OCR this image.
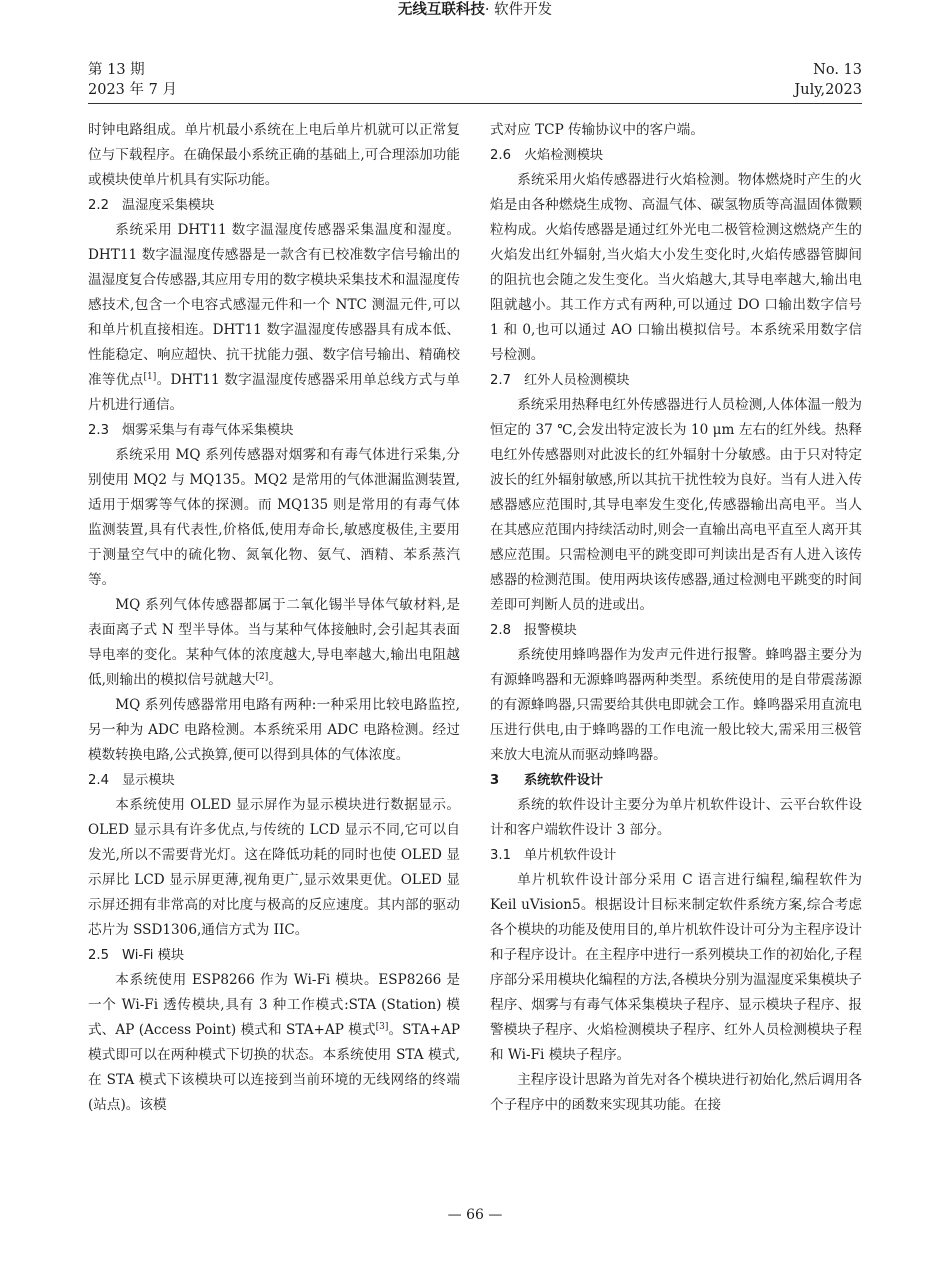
第 13 期
2023 年 7 月
无线互联科技· 软件开发
No. 13
July,2023

时钟电路组成。单片机最小系统在上电后单片机就可以正常复位与下载程序。在确保最小系统正确的基础上,可合理添加功能或模块使单片机具有实际功能。

2.2 温湿度采集模块

系统采用 DHT11 数字温湿度传感器采集温度和湿度。DHT11 数字温湿度传感器是一款含有已校准数字信号输出的温湿度复合传感器,其应用专用的数字模块采集技术和温湿度传感技术,包含一个电容式感湿元件和一个 NTC 测温元件,可以和单片机直接相连。DHT11 数字温湿度传感器具有成本低、性能稳定、响应超快、抗干扰能力强、数字信号输出、精确校准等优点[1]。DHT11 数字温湿度传感器采用单总线方式与单片机进行通信。

2.3 烟雾采集与有毒气体采集模块

系统采用 MQ 系列传感器对烟雾和有毒气体进行采集,分别使用 MQ2 与 MQ135。MQ2 是常用的气体泄漏监测装置,适用于烟雾等气体的探测。而 MQ135 则是常用的有毒气体监测装置,具有代表性,价格低,使用寿命长,敏感度极佳,主要用于测量空气中的硫化物、氮氧化物、氨气、酒精、苯系蒸汽等。

MQ 系列气体传感器都属于二氧化锡半导体气敏材料,是表面离子式 N 型半导体。当与某种气体接触时,会引起其表面导电率的变化。某种气体的浓度越大,导电率越大,输出电阻越低,则输出的模拟信号就越大[2]。

MQ 系列传感器常用电路有两种:一种采用比较电路监控,另一种为 ADC 电路检测。本系统采用 ADC 电路检测。经过模数转换电路,公式换算,便可以得到具体的气体浓度。

2.4 显示模块

本系统使用 OLED 显示屏作为显示模块进行数据显示。OLED 显示具有许多优点,与传统的 LCD 显示不同,它可以自发光,所以不需要背光灯。这在降低功耗的同时也使 OLED 显示屏比 LCD 显示屏更薄,视角更广,显示效果更优。OLED 显示屏还拥有非常高的对比度与极高的反应速度。其内部的驱动芯片为 SSD1306,通信方式为 IIC。

2.5 Wi-Fi 模块

本系统使用 ESP8266 作为 Wi-Fi 模块。ESP8266 是一个 Wi-Fi 透传模块,具有 3 种工作模式:STA (Station) 模式、AP (Access Point) 模式和 STA+AP 模式[3]。STA+AP 模式即可以在两种模式下切换的状态。本系统使用 STA 模式,在 STA 模式下该模块可以连接到当前环境的无线网络的终端(站点)。该模

式对应 TCP 传输协议中的客户端。

2.6 火焰检测模块

系统采用火焰传感器进行火焰检测。物体燃烧时产生的火焰是由各种燃烧生成物、高温气体、碳氢物质等高温固体微颗粒构成。火焰传感器是通过红外光电二极管检测这燃烧产生的火焰发出红外辐射,当火焰大小发生变化时,火焰传感器管脚间的阻抗也会随之发生变化。当火焰越大,其导电率越大,输出电阻就越小。其工作方式有两种,可以通过 DO 口输出数字信号 1 和 0,也可以通过 AO 口输出模拟信号。本系统采用数字信号检测。

2.7 红外人员检测模块

系统采用热释电红外传感器进行人员检测,人体体温一般为恒定的 37 ℃,会发出特定波长为 10 μm 左右的红外线。热释电红外传感器则对此波长的红外辐射十分敏感。由于只对特定波长的红外辐射敏感,所以其抗干扰性较为良好。当有人进入传感器感应范围时,其导电率发生变化,传感器输出高电平。当人在其感应范围内持续活动时,则会一直输出高电平直至人离开其感应范围。只需检测电平的跳变即可判读出是否有人进入该传感器的检测范围。使用两块该传感器,通过检测电平跳变的时间差即可判断人员的进或出。

2.8 报警模块

系统使用蜂鸣器作为发声元件进行报警。蜂鸣器主要分为有源蜂鸣器和无源蜂鸣器两种类型。系统使用的是自带震荡源的有源蜂鸣器,只需要给其供电即就会工作。蜂鸣器采用直流电压进行供电,由于蜂鸣器的工作电流一般比较大,需采用三极管来放大电流从而驱动蜂鸣器。

3 系统软件设计

系统的软件设计主要分为单片机软件设计、云平台软件设计和客户端软件设计 3 部分。

3.1 单片机软件设计

单片机软件设计部分采用 C 语言进行编程,编程软件为 Keil uVision5。根据设计目标来制定软件系统方案,综合考虑各个模块的功能及使用目的,单片机软件设计可分为主程序设计和子程序设计。在主程序中进行一系列模块工作的初始化,子程序部分采用模块化编程的方法,各模块分别为温湿度采集模块子程序、烟雾与有毒气体采集模块子程序、显示模块子程序、报警模块子程序、火焰检测模块子程序、红外人员检测模块子程和 Wi-Fi 模块子程序。

主程序设计思路为首先对各个模块进行初始化,然后调用各个子程序中的函数来实现其功能。在接

— 66 —
